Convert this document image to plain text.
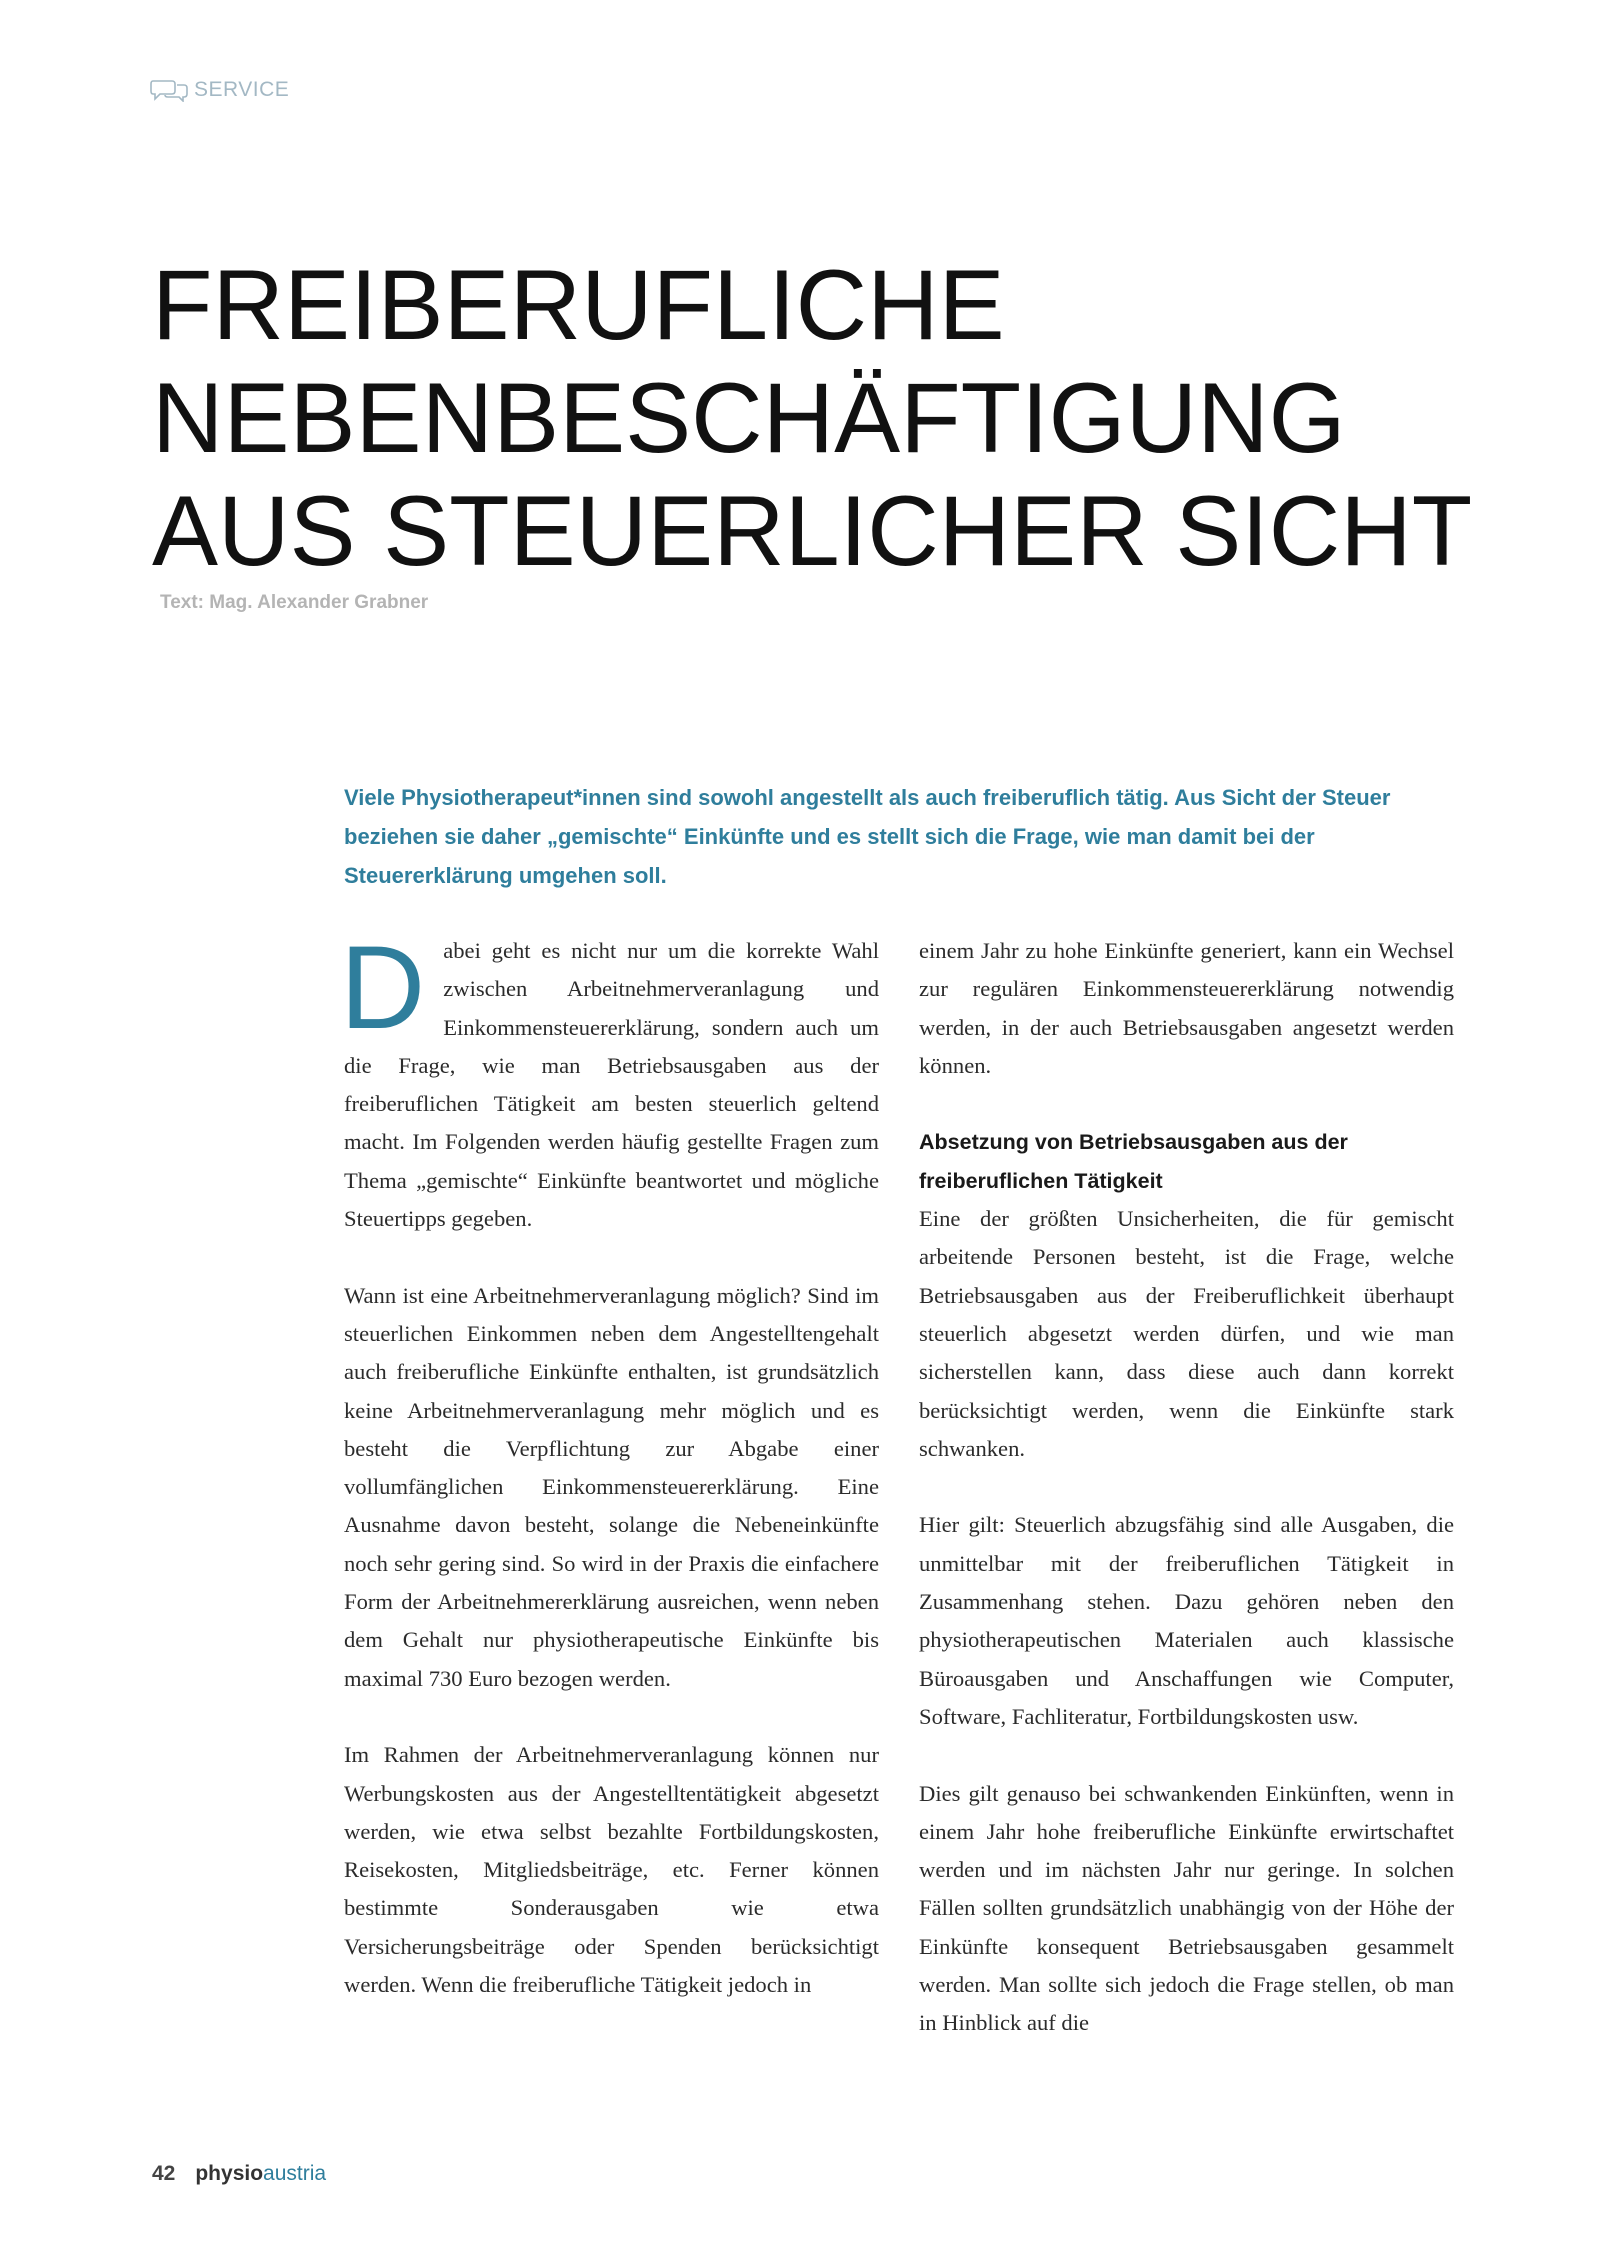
SERVICE
FREIBERUFLICHE
NEBENBESCHÄFTIGUNG
AUS STEUERLICHER SICHT
Text: Mag. Alexander Grabner

Viele Physiotherapeut*innen sind sowohl angestellt als auch freiberuflich tätig. Aus Sicht der Steuer beziehen sie daher „gemischte“ Einkünfte und es stellt sich die Frage, wie man damit bei der Steuererklärung umgehen soll.

Dabei geht es nicht nur um die korrekte Wahl zwischen Arbeitnehmerveranlagung und Einkommensteuererklärung, sondern auch um die Frage, wie man Betriebsausgaben aus der freiberuflichen Tätigkeit am besten steuerlich geltend macht. Im Folgenden werden häufig gestellte Fragen zum Thema „gemischte“ Einkünfte beantwortet und mögliche Steuertipps gegeben.

Wann ist eine Arbeitnehmerveranlagung möglich? Sind im steuerlichen Einkommen neben dem Angestelltengehalt auch freiberufliche Einkünfte enthalten, ist grundsätzlich keine Arbeitnehmerveranlagung mehr möglich und es besteht die Verpflichtung zur Abgabe einer vollumfänglichen Einkommensteuererklärung. Eine Ausnahme davon besteht, solange die Nebeneinkünfte noch sehr gering sind. So wird in der Praxis die einfachere Form der Arbeitnehmererklärung ausreichen, wenn neben dem Gehalt nur physiotherapeutische Einkünfte bis maximal 730 Euro bezogen werden.

Im Rahmen der Arbeitnehmerveranlagung können nur Werbungskosten aus der Angestelltentätigkeit abgesetzt werden, wie etwa selbst bezahlte Fortbildungskosten, Reisekosten, Mitgliedsbeiträge, etc. Ferner können bestimmte Sonderausgaben wie etwa Versicherungsbeiträge oder Spenden berücksichtigt werden. Wenn die freiberufliche Tätigkeit jedoch in

einem Jahr zu hohe Einkünfte generiert, kann ein Wechsel zur regulären Einkommensteuererklärung notwendig werden, in der auch Betriebsausgaben angesetzt werden können.

Absetzung von Betriebsausgaben aus der freiberuflichen Tätigkeit

Eine der größten Unsicherheiten, die für gemischt arbeitende Personen besteht, ist die Frage, welche Betriebsausgaben aus der Freiberuflichkeit überhaupt steuerlich abgesetzt werden dürfen, und wie man sicherstellen kann, dass diese auch dann korrekt berücksichtigt werden, wenn die Einkünfte stark schwanken.

Hier gilt: Steuerlich abzugsfähig sind alle Ausgaben, die unmittelbar mit der freiberuflichen Tätigkeit in Zusammenhang stehen. Dazu gehören neben den physiotherapeutischen Materialen auch klassische Büroausgaben und Anschaffungen wie Computer, Software, Fachliteratur, Fortbildungskosten usw.

Dies gilt genauso bei schwankenden Einkünften, wenn in einem Jahr hohe freiberufliche Einkünfte erwirtschaftet werden und im nächsten Jahr nur geringe. In solchen Fällen sollten grundsätzlich unabhängig von der Höhe der Einkünfte konsequent Betriebsausgaben gesammelt werden. Man sollte sich jedoch die Frage stellen, ob man in Hinblick auf die

42 physioaustria
